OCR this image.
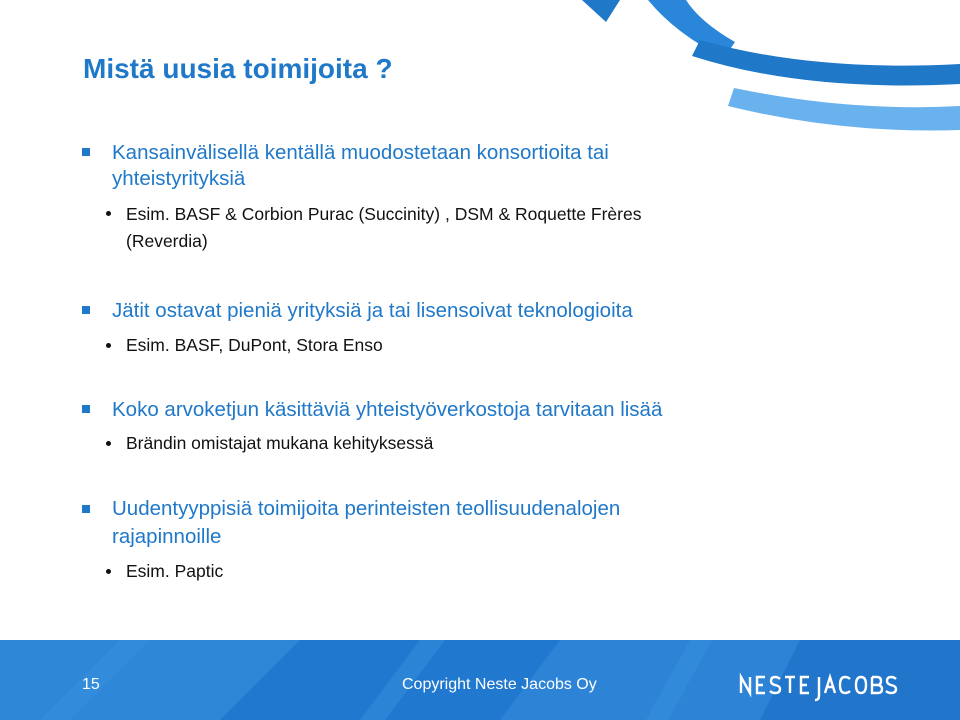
Mistä uusia toimijoita ?
Kansainvälisellä kentällä muodostetaan konsortioita tai
yhteistyrityksiä
Esim. BASF & Corbion Purac (Succinity) , DSM & Roquette Frères
(Reverdia)
Jätit ostavat pieniä yrityksiä ja tai lisensoivat teknologioita
Esim. BASF, DuPont, Stora Enso
Koko arvoketjun käsittäviä yhteistyöverkostoja tarvitaan lisää
Brändin omistajat mukana kehityksessä
Uudentyyppisiä toimijoita perinteisten teollisuudenalojen
rajapinnoille
Esim. Paptic
15	Copyright Neste Jacobs Oy
